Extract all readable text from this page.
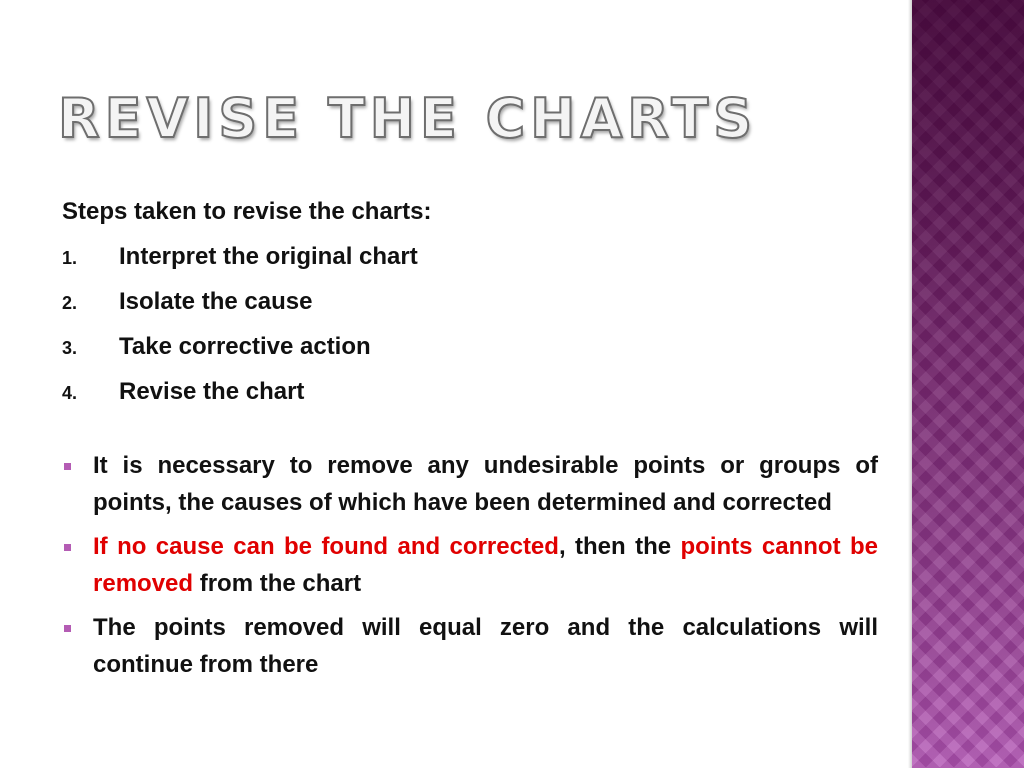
REVISE THE CHARTS

Steps taken to revise the charts:

1.	Interpret the original chart
2.	Isolate the cause
3.	Take corrective action
4.	Revise the chart
It is necessary to remove any undesirable points or groups of points, the causes of which have been determined and corrected
If no cause can be found and corrected, then the points cannot be removed from the chart
The points removed will equal zero and the calculations will continue from there
